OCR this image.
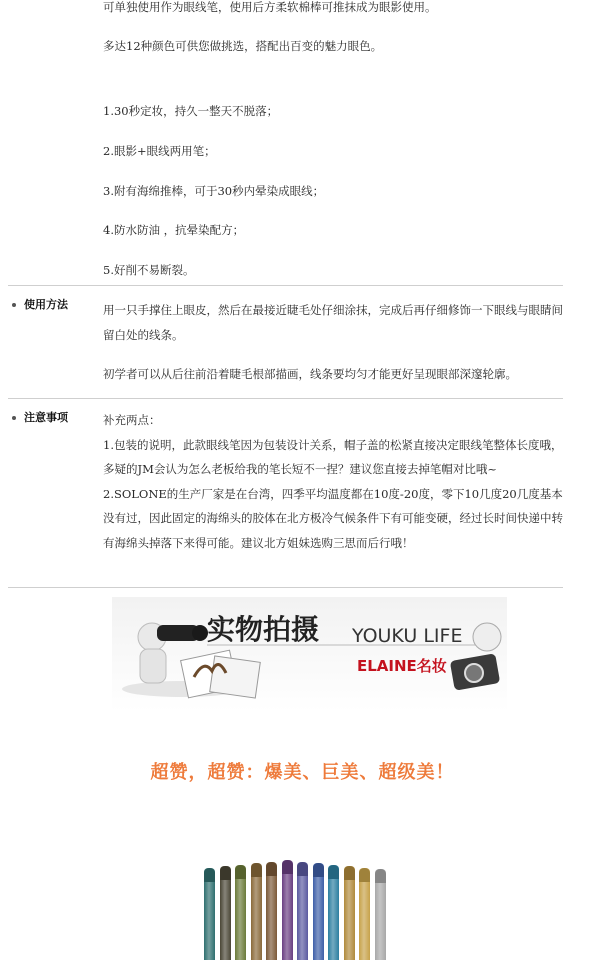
可单独使用作为眼线笔，使用后方柔软棉棒可推抹成为眼影使用。

多达12种颜色可供您做挑选，搭配出百变的魅力眼色。

1.30秒定妆，持久一整天不脱落；

2.眼影+眼线两用笔；

3.附有海绵推棒，可于30秒内晕染成眼线；

4.防水防油 ，抗晕染配方；

5.好削不易断裂。

使用方法	用一只手撑住上眼皮，然后在最接近睫毛处仔细涂抹，完成后再仔细修饰一下眼线与眼睛间留白处的线条。

初学者可以从后往前沿着睫毛根部描画，线条要均匀才能更好呈现眼部深邃轮廓。

注意事项	补充两点：

1.包装的说明，此款眼线笔因为包装设计关系，帽子盖的松紧直接决定眼线笔整体长度哦，多疑的JM会认为怎么老板给我的笔长短不一捏？建议您直接去掉笔帽对比哦~

2.SOLONE的生产厂家是在台湾，四季平均温度都在10度-20度，零下10几度20几度基本没有过，因此固定的海绵头的胶体在北方极冷气候条件下有可能变硬，经过长时间快递中转有海绵头掉落下来得可能。建议北方姐妹选购三思而后行哦！

实物拍摄 YOUKU LIFE
ELAINE名妆
超赞，超赞：爆美、巨美、超级美！
